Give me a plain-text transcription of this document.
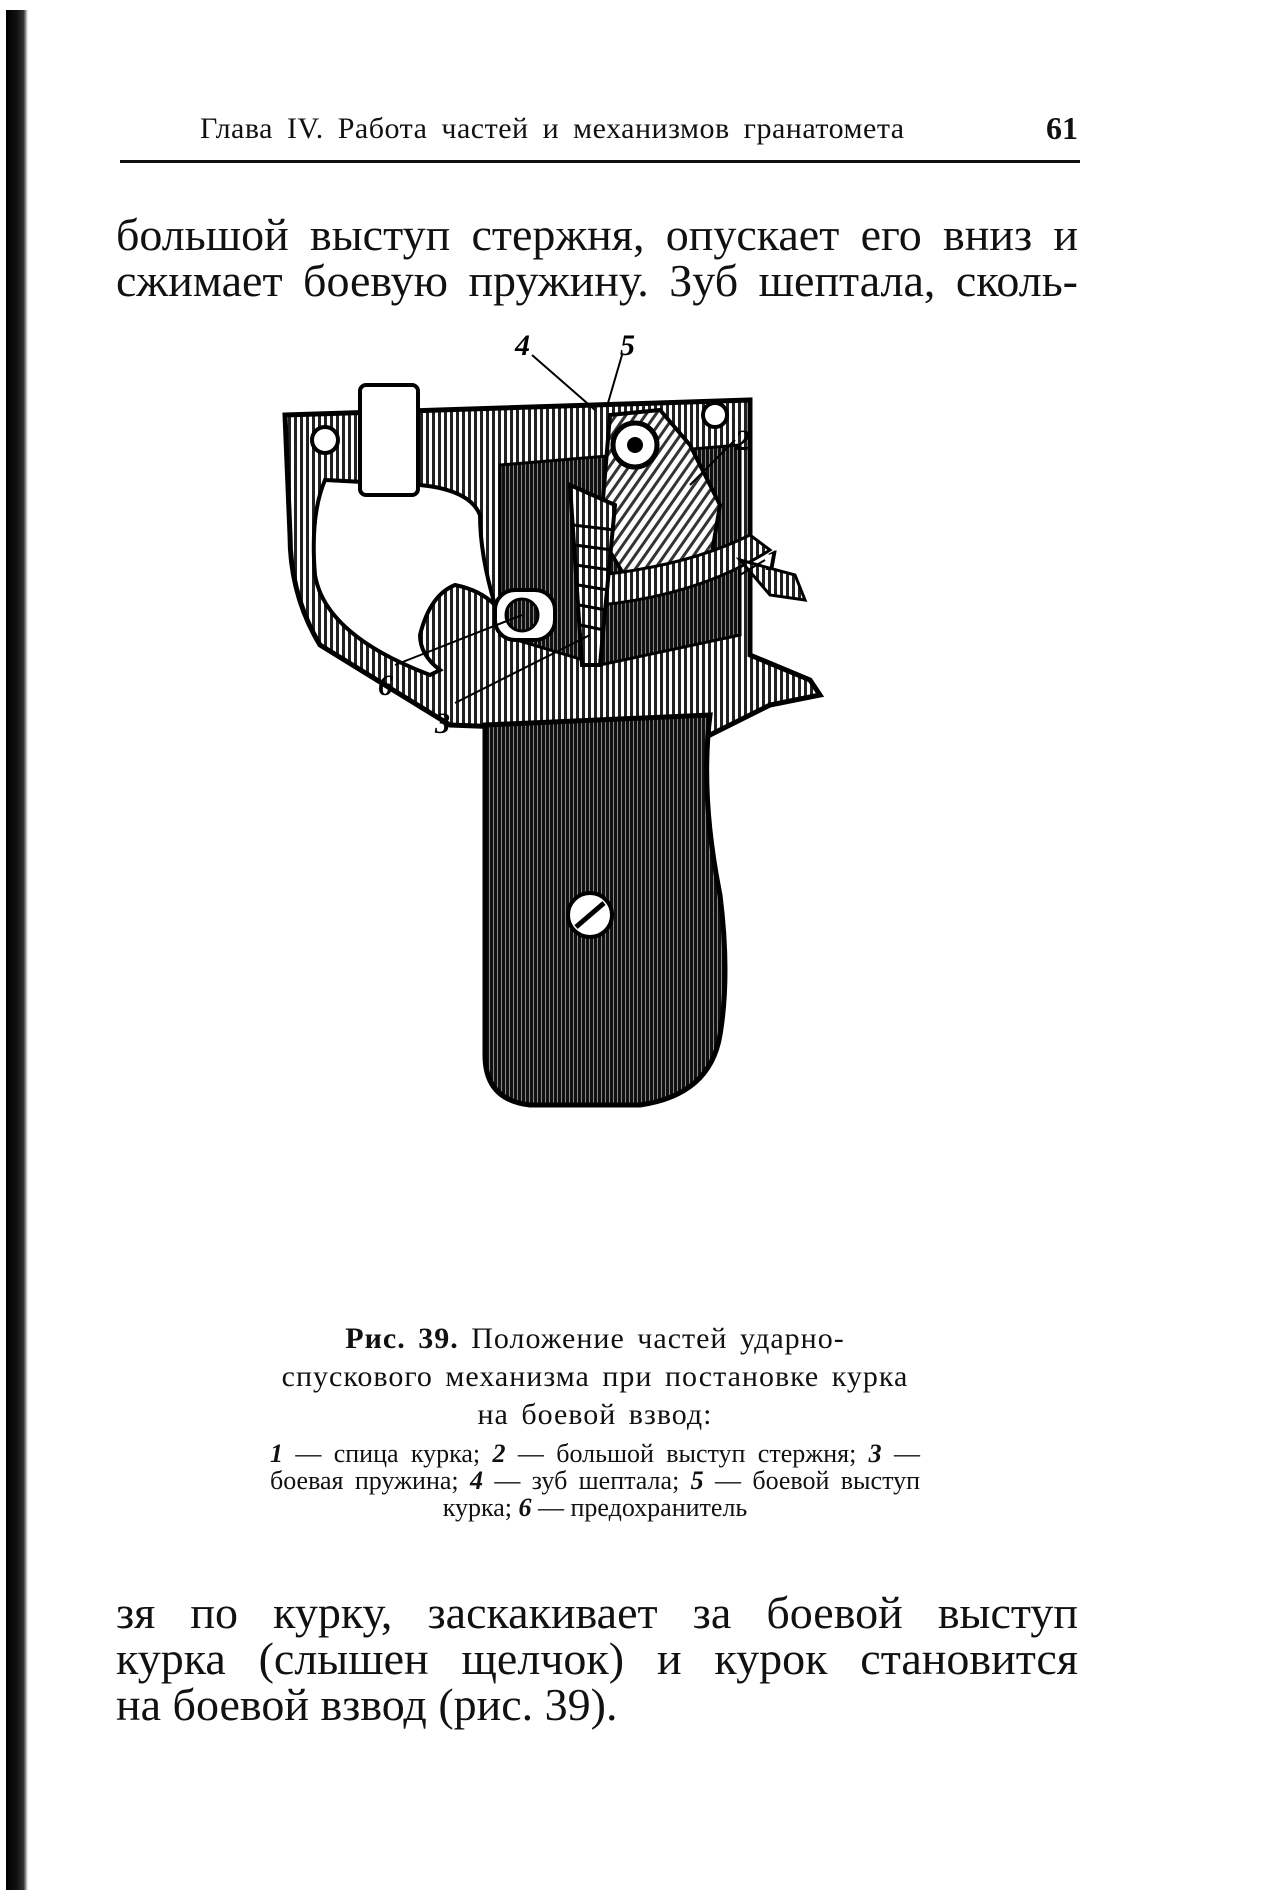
Глава IV. Работа частей и механизмов гранатомета	61

большой выступ стержня, опускает его вниз и

сжимает боевую пружину. Зуб шептала, сколь-

4	5
2
1
6
3
Рис. 39. Положение частей ударно-спускового механизма при постановке курка на боевой взвод:
1 — спица курка; 2 — большой выступ стержня; 3 — боевая пружина; 4 — зуб шептала; 5 — боевой выступ курка; 6 — предохранитель

зя по курку, заскакивает за боевой выступ

курка (слышен щелчок) и курок становится

на боевой взвод (рис. 39).
